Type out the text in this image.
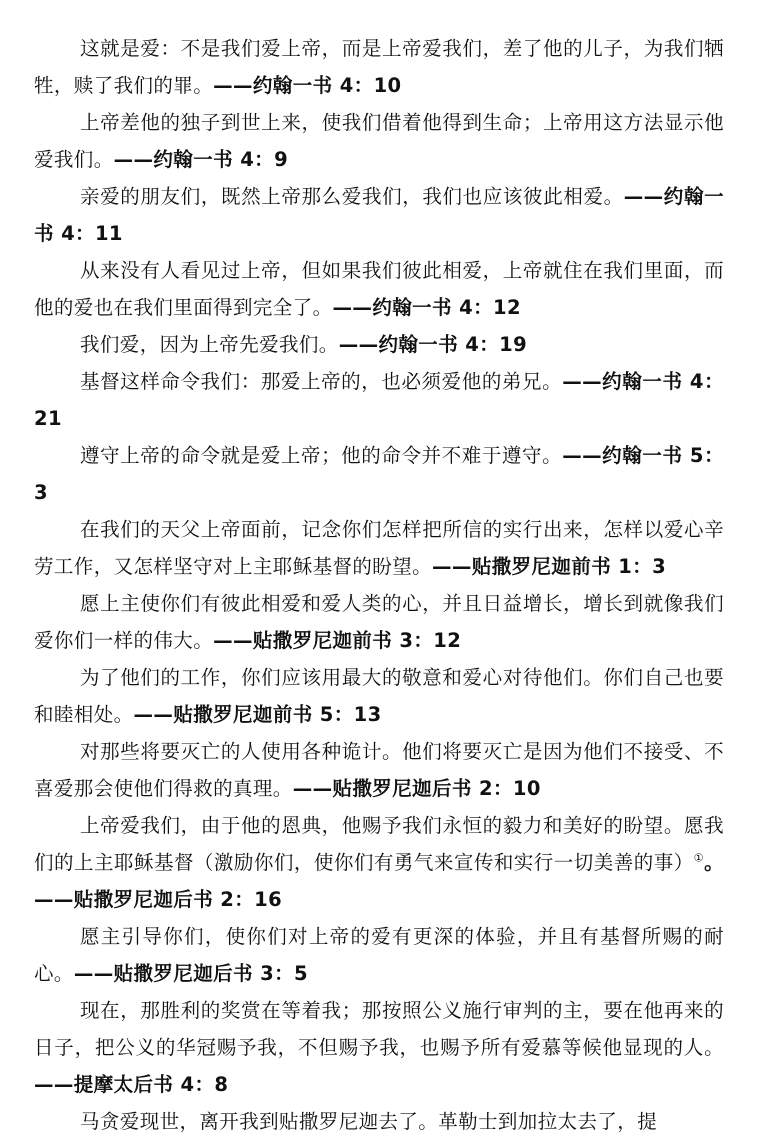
这就是爱：不是我们爱上帝，而是上帝爱我们，差了他的儿子，为我们牺牲，赎了我们的罪。——约翰一书 4：10

上帝差他的独子到世上来，使我们借着他得到生命；上帝用这方法显示他爱我们。——约翰一书 4：9

亲爱的朋友们，既然上帝那么爱我们，我们也应该彼此相爱。——约翰一书 4：11

从来没有人看见过上帝，但如果我们彼此相爱，上帝就住在我们里面，而他的爱也在我们里面得到完全了。——约翰一书 4：12

我们爱，因为上帝先爱我们。——约翰一书 4：19

基督这样命令我们：那爱上帝的，也必须爱他的弟兄。——约翰一书 4：21

遵守上帝的命令就是爱上帝；他的命令并不难于遵守。——约翰一书 5：3

在我们的天父上帝面前，记念你们怎样把所信的实行出来，怎样以爱心辛劳工作，又怎样坚守对上主耶稣基督的盼望。——贴撒罗尼迦前书 1：3

愿上主使你们有彼此相爱和爱人类的心，并且日益增长，增长到就像我们爱你们一样的伟大。——贴撒罗尼迦前书 3：12

为了他们的工作，你们应该用最大的敬意和爱心对待他们。你们自己也要和睦相处。——贴撒罗尼迦前书 5：13

对那些将要灭亡的人使用各种诡计。他们将要灭亡是因为他们不接受、不喜爱那会使他们得救的真理。——贴撒罗尼迦后书 2：10

上帝爱我们，由于他的恩典，他赐予我们永恒的毅力和美好的盼望。愿我们的上主耶稣基督（激励你们，使你们有勇气来宣传和实行一切美善的事）①。——贴撒罗尼迦后书 2：16

愿主引导你们，使你们对上帝的爱有更深的体验，并且有基督所赐的耐心。——贴撒罗尼迦后书 3：5

现在，那胜利的奖赏在等着我；那按照公义施行审判的主，要在他再来的日子，把公义的华冠赐予我，不但赐予我，也赐予所有爱慕等候他显现的人。——提摩太后书 4：8

马贪爱现世，离开我到贴撒罗尼迦去了。革勒士到加拉太去了，提
